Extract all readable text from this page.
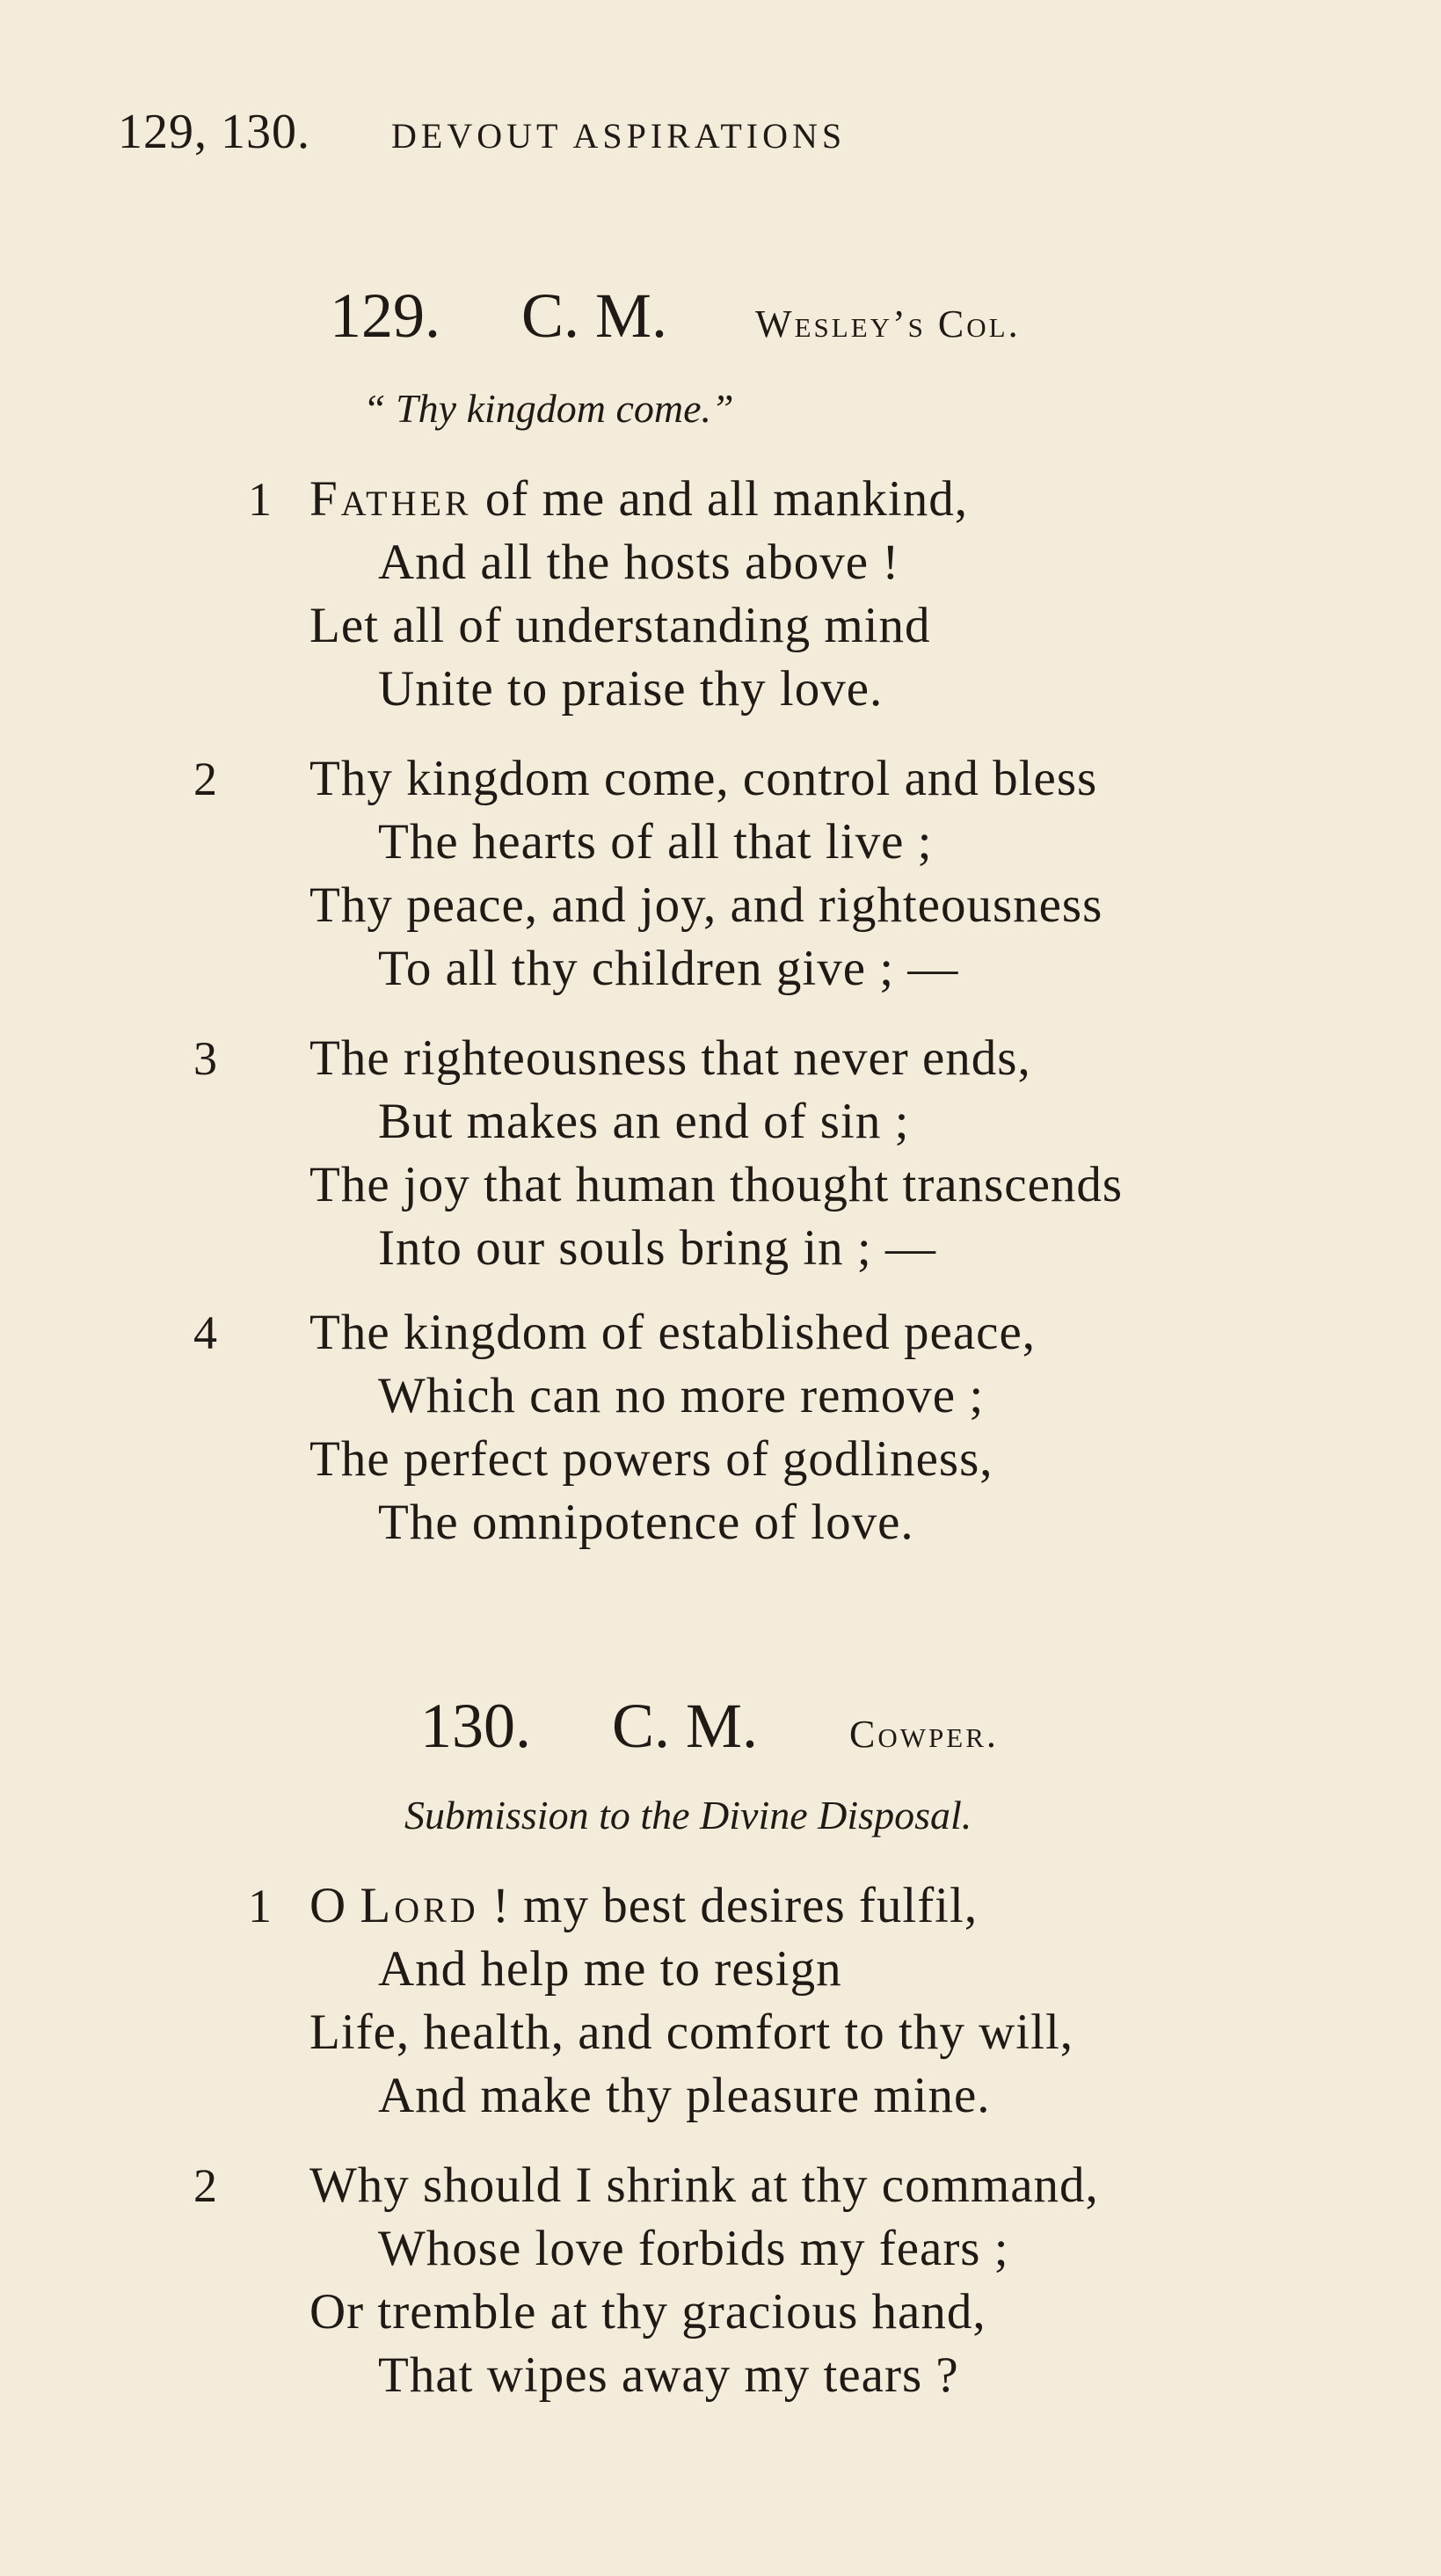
129, 130. DEVOUT ASPIRATIONS
129. C. M. Wesley’s Col.
“ Thy kingdom come.”
1 Father of me and all mankind,
And all the hosts above !
Let all of understanding mind
Unite to praise thy love.
2 Thy kingdom come, control and bless
The hearts of all that live ;
Thy peace, and joy, and righteousness
To all thy children give ; —
3 The righteousness that never ends,
But makes an end of sin ;
The joy that human thought transcends
Into our souls bring in ; —
4 The kingdom of established peace,
Which can no more remove ;
The perfect powers of godliness,
The omnipotence of love.
130. C. M. Cowper.
Submission to the Divine Disposal.
1 O Lord ! my best desires fulfil,
And help me to resign
Life, health, and comfort to thy will,
And make thy pleasure mine.
2 Why should I shrink at thy command,
Whose love forbids my fears ;
Or tremble at thy gracious hand,
That wipes away my tears ?
